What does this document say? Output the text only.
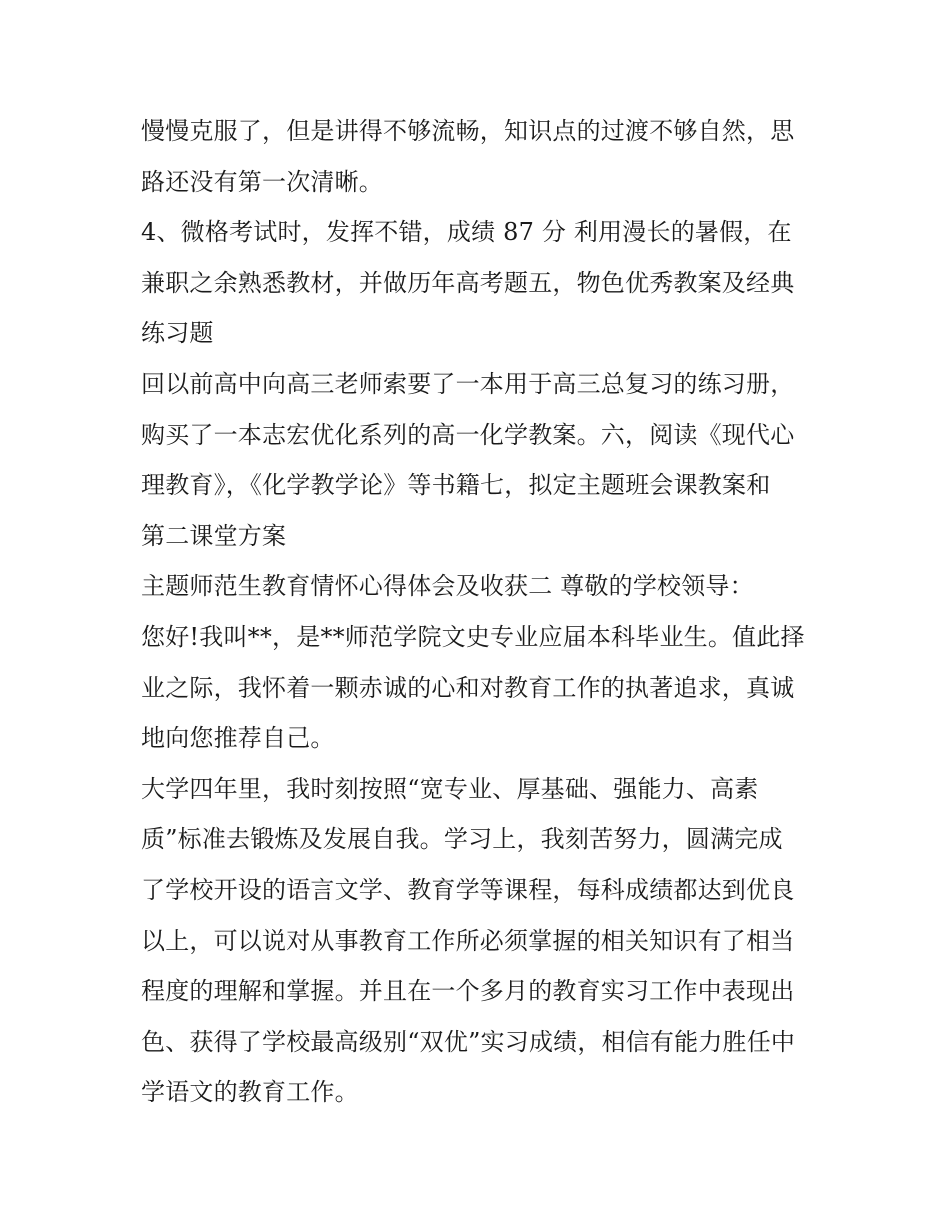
慢慢克服了，但是讲得不够流畅，知识点的过渡不够自然，思
路还没有第一次清晰。
4、微格考试时，发挥不错，成绩 87 分 利用漫长的暑假，在
兼职之余熟悉教材，并做历年高考题五，物色优秀教案及经典
练习题
回以前高中向高三老师索要了一本用于高三总复习的练习册，
购买了一本志宏优化系列的高一化学教案。六，阅读《现代心
理教育》，《化学教学论》等书籍七，拟定主题班会课教案和
第二课堂方案
主题师范生教育情怀心得体会及收获二 尊敬的学校领导：
您好!我叫**，是**师范学院文史专业应届本科毕业生。值此择
业之际，我怀着一颗赤诚的心和对教育工作的执著追求，真诚
地向您推荐自己。
大学四年里，我时刻按照“宽专业、厚基础、强能力、高素
质”标准去锻炼及发展自我。学习上，我刻苦努力，圆满完成
了学校开设的语言文学、教育学等课程，每科成绩都达到优良
以上，可以说对从事教育工作所必须掌握的相关知识有了相当
程度的理解和掌握。并且在一个多月的教育实习工作中表现出
色、获得了学校最高级别“双优”实习成绩，相信有能力胜任中
学语文的教育工作。
